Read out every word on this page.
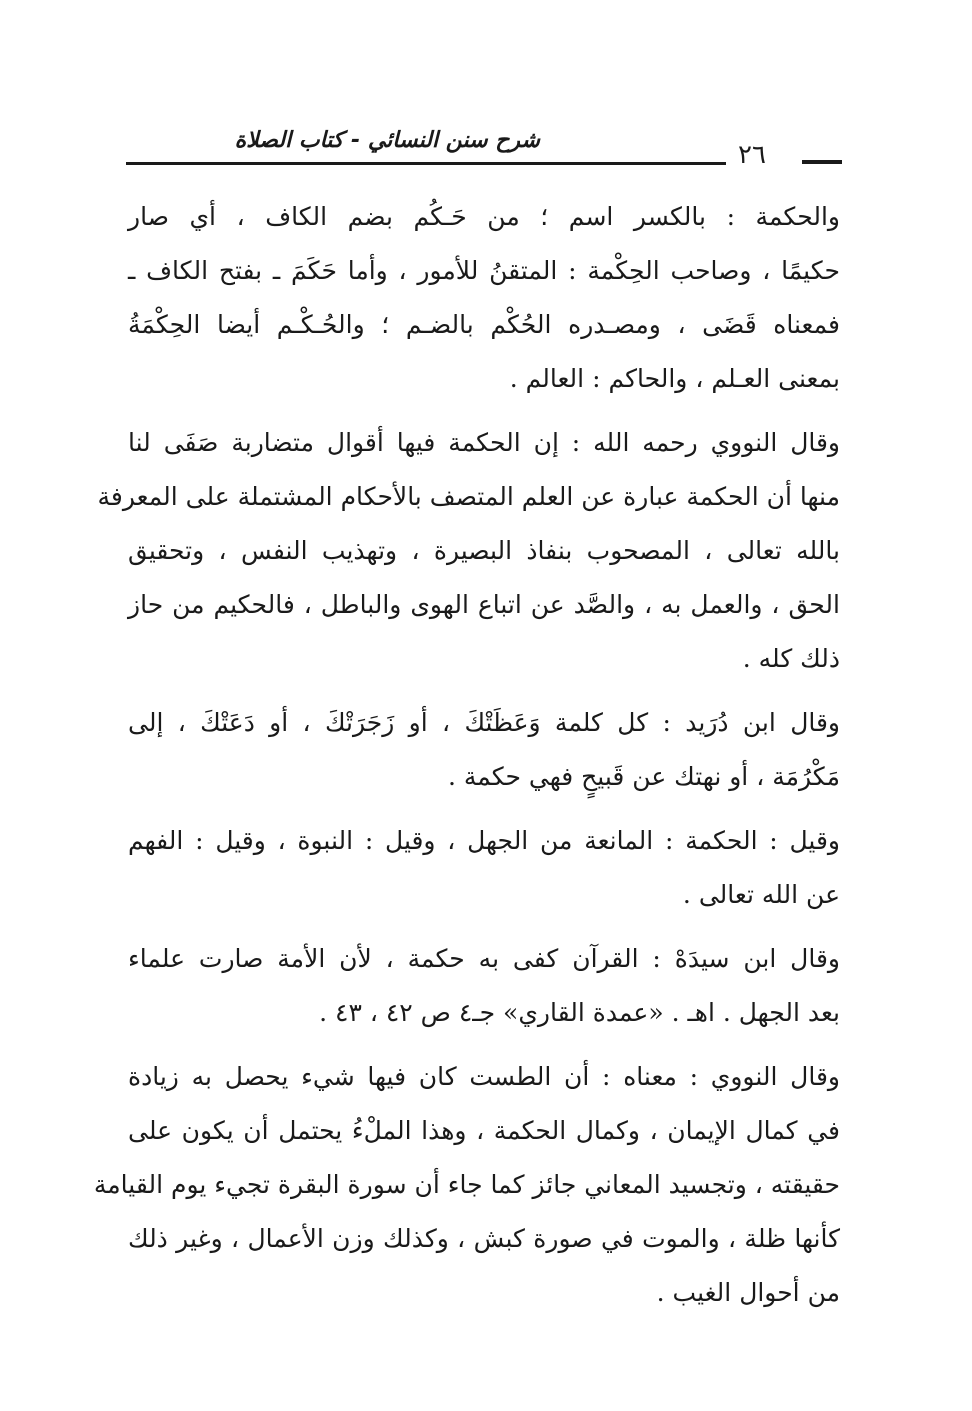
شرح سنن النسائي - كتاب الصلاة	٢٦

والحكمة : بالكسر اسم ؛ من حَـكُم بضم الكاف ، أي صار
حكيمًا ، وصاحب الحِكْمة : المتقنُ للأمور ، وأما حَكَمَ ـ بفتح الكاف ـ
فمعناه قَضَى ، ومصـدره الحُكْم بالضـم ؛ والحُـكْـم أيضا الحِكْمَةُ
بمعنى العـلم ، والحاكم : العالم .

وقال النووي رحمه الله : إن الحكمة فيها أقوال متضاربة صَفَى لنا
منها أن الحكمة عبارة عن العلم المتصف بالأحكام المشتملة على المعرفة
بالله تعالى ، المصحوب بنفاذ البصيرة ، وتهذيب النفس ، وتحقيق
الحق ، والعمل به ، والصَّد عن اتباع الهوى والباطل ، فالحكيم من حاز
ذلك كله .

وقال ابن دُرَيد : كل كلمة وَعَظَتْكَ ، أو زَجَرَتْكَ ، أو دَعَتْكَ ، إلى
مَكْرُمَة ، أو نهتك عن قَبيحٍ فهي حكمة .

وقيل : الحكمة : المانعة من الجهل ، وقيل : النبوة ، وقيل : الفهم
عن الله تعالى .

وقال ابن سيدَهْ : القرآن كفى به حكمة ، لأن الأمة صارت علماء
بعد الجهل . اهـ . «عمدة القاري» جـ٤ ص ٤٢ ، ٤٣ .

وقال النووي : معناه : أن الطست كان فيها شيء يحصل به زيادة
في كمال الإيمان ، وكمال الحكمة ، وهذا الملْءُ يحتمل أن يكون على
حقيقته ، وتجسيد المعاني جائز كما جاء أن سورة البقرة تجيء يوم القيامة
كأنها ظلة ، والموت في صورة كبش ، وكذلك وزن الأعمال ، وغير ذلك
من أحوال الغيب .
